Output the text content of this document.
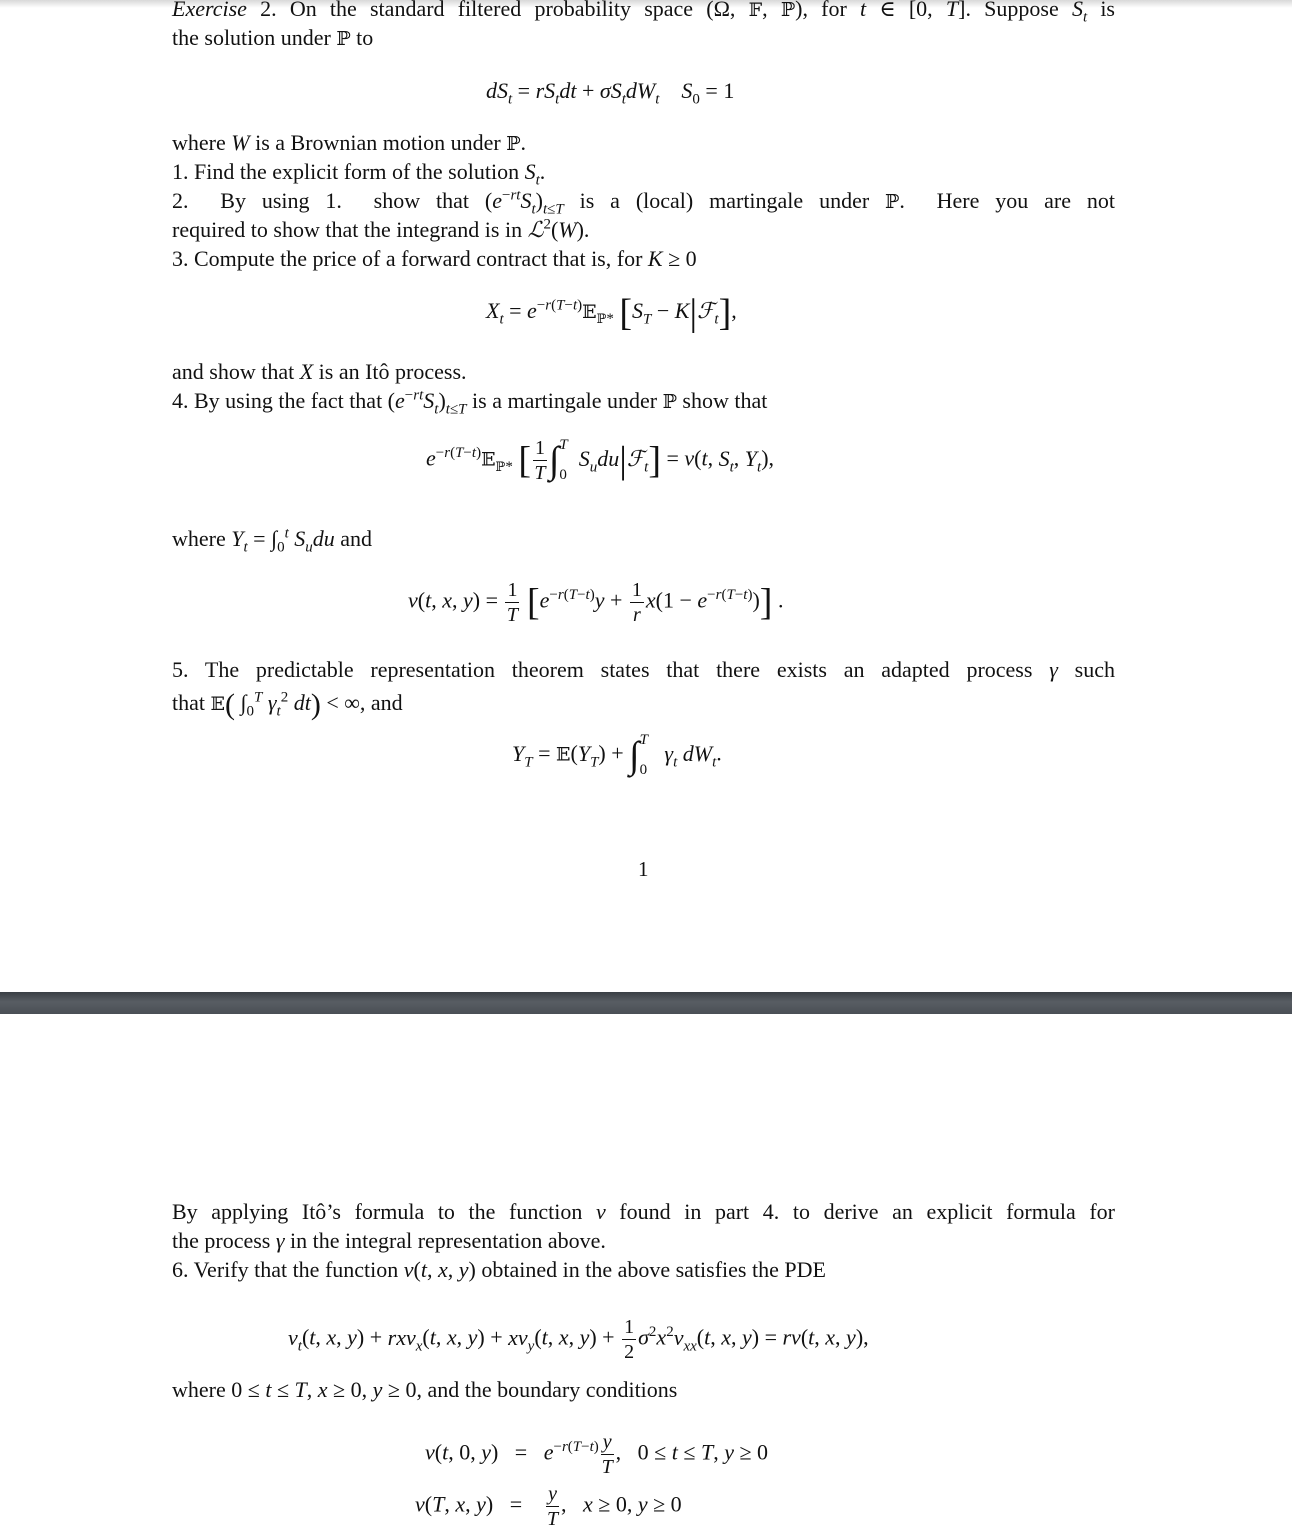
Exercise 2. On the standard filtered probability space (Ω, 𝔽, ℙ), for t ∈ [0, T]. Suppose $S_t$ is
the solution under ℙ to
$dS_t = rS_tdt + \sigma S_tdW_t$ $S_0 = 1$
where W is a Brownian motion under ℙ.
1. Find the explicit form of the solution $S_t$.
2.  By using 1.  show that $(e^{-rt}S_t)_{t\le T}$ is a (local) martingale under ℙ.  Here you are not
required to show that the integrand is in ℒ$^2$(W).
3. Compute the price of a forward contract that is, for K ≥ 0
$X_t$ = $e^{-r(T-t)}𝔼_{ℙ*}$ [$S_T$ − K|ℱ$_t$],
and show that X is an Itô process.
4. By using the fact that $(e^{-rt}S_t)_{t\le T}$ is a martingale under ℙ show that
$e^{-r(T-t)}𝔼_{ℙ*}$ [ $\frac{1}{T} \int T$

0  $S_udu|ℱ_t] = v(t$, $S_t$, $Y_t$),
where $Y_t = \int_0^t$ $S_udu$ and
v(t, x, $y) = \frac{1}{T} [e^{-r(T-t)}y + \frac{1}{r} x(1 - e^{-r(T-t)})]$ .
5. The predictable representation theorem states that there exists an adapted process γ such
that 𝔼( $\int_0^T$ $\gamma_t^2$ dt) < ∞, and
$Y_T$ = $𝔼(Y_T) + \int T$

0   $\gamma_t$ $dW_t$.
1
By applying Itô’s formula to the function v found in part 4. to derive an explicit formula for
the process γ in the integral representation above.
6. Verify that the function v(t, x, y) obtained in the above satisfies the PDE
$v_t(t$, x, y) + rxv$_x$(t, x, $y) + xv_y(t$, x, $y) + \frac{1}{2} \sigma^2x^2v_{xx}(t$, x, y) = rv(t, x, y),
where 0 ≤ t ≤ T, x ≥ 0, y ≥ 0, and the boundary conditions
v(t, 0, $y) = e^{-r(T-t)} \frac{y}{T}$ ,   0 ≤ t ≤ T, y ≥ 0
v(T, x, $y) = \frac{y}{T}$ ,   x ≥ 0, y ≥ 0
